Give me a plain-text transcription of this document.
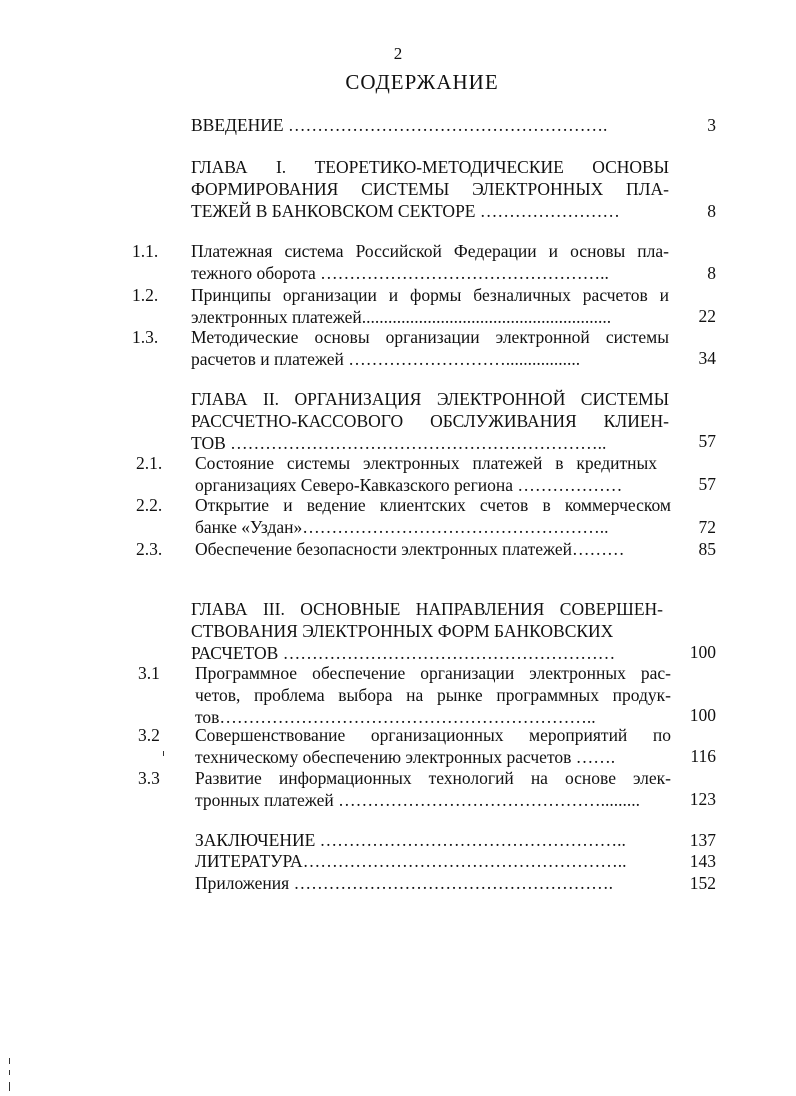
2
СОДЕРЖАНИЕ
ВВЕДЕНИЕ ……………………………………………….	3
ГЛАВА I. ТЕОРЕТИКО-МЕТОДИЧЕСКИЕ ОСНОВЫ
ФОРМИРОВАНИЯ СИСТЕМЫ ЭЛЕКТРОННЫХ ПЛА-
ТЕЖЕЙ В БАНКОВСКОМ СЕКТОРЕ ……………………	8
1.1. Платежная система Российской Федерации и основы пла-
тежного оборота …………………………………………..	8
1.2. Принципы организации и формы безналичных расчетов и
электронных платежей.........................................................	22
1.3. Методические основы организации электронной системы
расчетов и платежей ……………………….................	34
ГЛАВА II. ОРГАНИЗАЦИЯ ЭЛЕКТРОННОЙ СИСТЕМЫ
РАССЧЕТНО-КАССОВОГО ОБСЛУЖИВАНИЯ КЛИЕН-
ТОВ ………………………………………………………..	57
2.1. Состояние системы электронных платежей в кредитных
организациях Северо-Кавказского региона ………………	57
2.2. Открытие и ведение клиентских счетов в коммерческом
банке «Уздан»……………………………………………..	72
2.3. Обеспечение безопасности электронных платежей………	85
ГЛАВА III. ОСНОВНЫЕ НАПРАВЛЕНИЯ СОВЕРШЕН-
СТВОВАНИЯ ЭЛЕКТРОННЫХ ФОРМ БАНКОВСКИХ
РАСЧЕТОВ …………………………………………………	100
3.1 Программное обеспечение организации электронных рас-
четов, проблема выбора на рынке программных продук-
тов………………………………………………………..	100
3.2 Совершенствование организационных мероприятий по
техническому обеспечению электронных расчетов …….	116
3.3 Развитие информационных технологий на основе элек-
тронных платежей ……………………………………….........	123
ЗАКЛЮЧЕНИЕ ……………………………………………..	137
ЛИТЕРАТУРА………………………………………………..	143
Приложения ……………………………………………….	152
